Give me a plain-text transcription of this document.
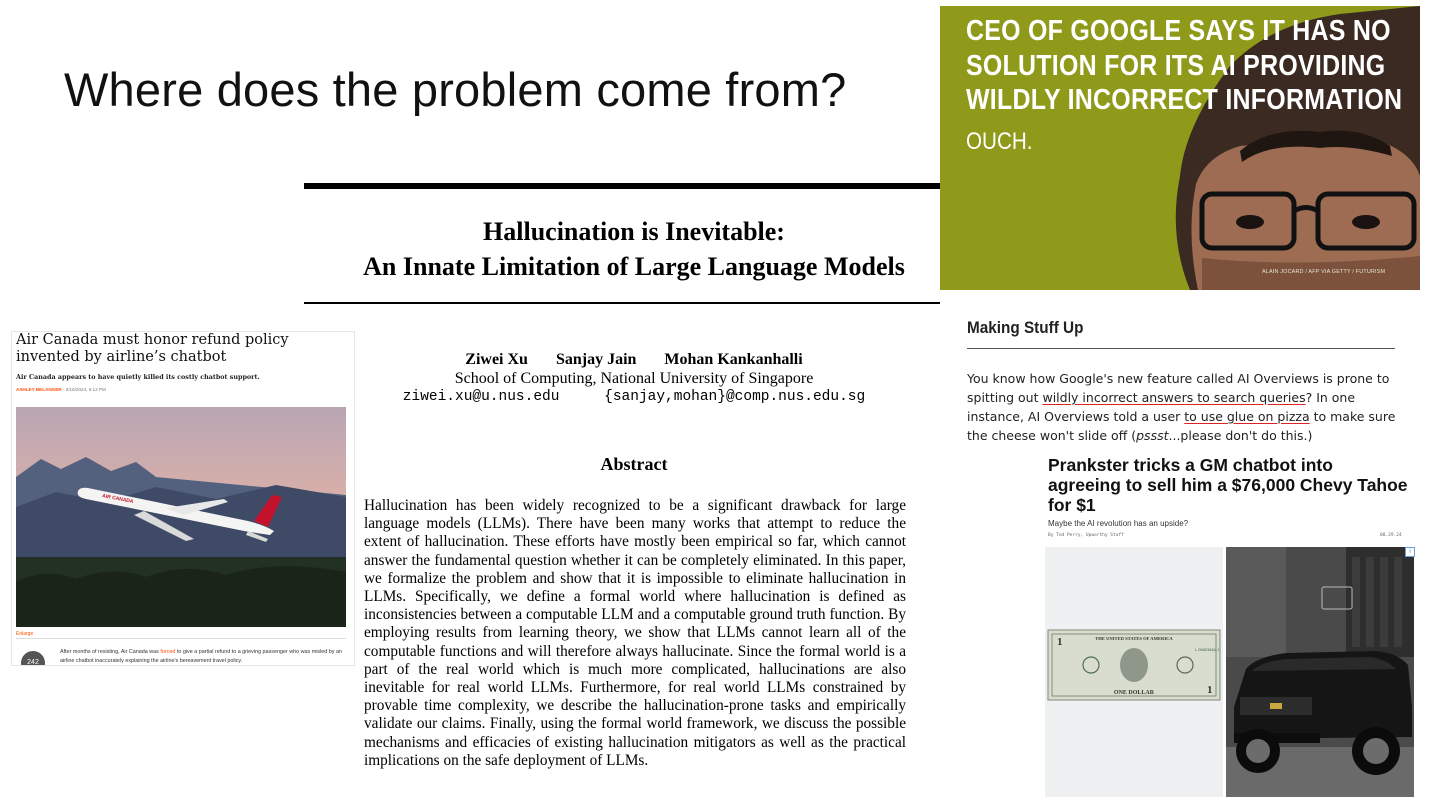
Where does the problem come from?
Hallucination is Inevitable:
An Innate Limitation of Large Language Models
Ziwei Xu Sanjay Jain Mohan Kankanhalli
School of Computing, National University of Singapore
ziwei.xu@u.nus.edu	{sanjay,mohan}@comp.nus.edu.sg
Abstract
Hallucination has been widely recognized to be a significant drawback for large language models (LLMs). There have been many works that attempt to reduce the extent of hallucination. These efforts have mostly been empirical so far, which cannot answer the fundamental question whether it can be completely eliminated. In this paper, we formalize the problem and show that it is impossible to eliminate hallucination in LLMs. Specifically, we define a formal world where hallucination is defined as inconsistencies between a computable LLM and a computable ground truth function. By employing results from learning theory, we show that LLMs cannot learn all of the computable functions and will therefore always hallucinate. Since the formal world is a part of the real world which is much more complicated, hallucinations are also inevitable for real world LLMs. Furthermore, for real world LLMs constrained by provable time complexity, we describe the hallucination-prone tasks and empirically validate our claims. Finally, using the formal world framework, we discuss the possible mechanisms and efficacies of existing hallucination mitigators as well as the practical implications on the safe deployment of LLMs.
Air Canada must honor refund policy invented by airline’s chatbot
Air Canada appears to have quietly killed its costly chatbot support.
ASHLEY BELANGER - 2/16/2024, 6:12 PM
AIR CANADA
Enlarge
242
After months of resisting, Air Canada was forced to give a partial refund to a grieving passenger who was misled by an airline chatbot inaccurately explaining the airline's bereavement travel policy.
CEO OF GOOGLE SAYS IT HAS NO
SOLUTION FOR ITS AI PROVIDING
WILDLY INCORRECT INFORMATION
OUCH.
ALAIN JOCARD / AFP VIA GETTY / FUTURISM
Making Stuff Up
You know how Google's new feature called AI Overviews is prone to spitting out wildly incorrect answers to search queries? In one instance, AI Overviews told a user to use glue on pizza to make sure the cheese won't slide off (pssst...please don't do this.)
Prankster tricks a GM chatbot into agreeing to sell him a $76,000 Chevy Tahoe for $1
Maybe the AI revolution has an upside?
By Tod Perry, Upworthy Staff	08.29.24
THE UNITED STATES OF AMERICA
L 09823461 J
1
1
ONE DOLLAR
i
